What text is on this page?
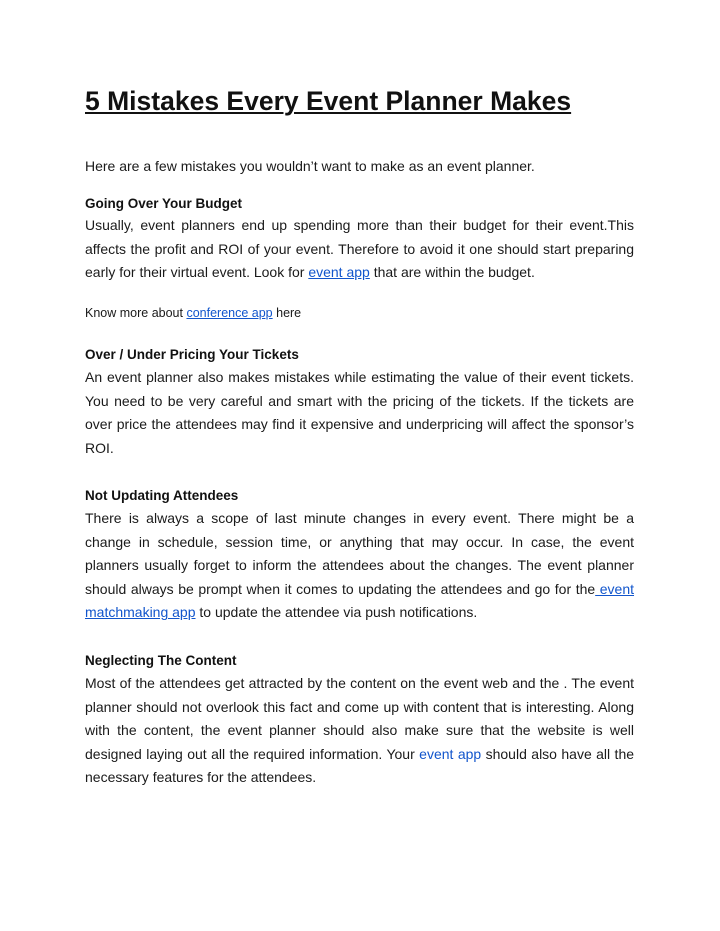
5 Mistakes Every Event Planner Makes

Here are a few mistakes you wouldn’t want to make as an event planner.

Going Over Your Budget
Usually, event planners end up spending more than their budget for their event.This
affects the profit and ROI of your event. Therefore to avoid it one should start preparing
early for their virtual event. Look for event app that are within the budget.

Know more about conference app here

Over / Under Pricing Your Tickets
An event planner also makes mistakes while estimating the value of their event tickets.
You need to be very careful and smart with the pricing of the tickets. If the tickets are
over price the attendees may find it expensive and underpricing will affect the sponsor’s
ROI.
Not Updating Attendees
There is always a scope of last minute changes in every event. There might be a
change in schedule, session time, or anything that may occur. In case, the event
planners usually forget to inform the attendees about the changes. The event planner
should always be prompt when it comes to updating the attendees and go for the event
matchmaking app to update the attendee via push notifications.
Neglecting The Content
Most of the attendees get attracted by the content on the event web and the . The event
planner should not overlook this fact and come up with content that is interesting. Along
with the content, the event planner should also make sure that the website is well
designed laying out all the required information. Your event app should also have all the
necessary features for the attendees.
